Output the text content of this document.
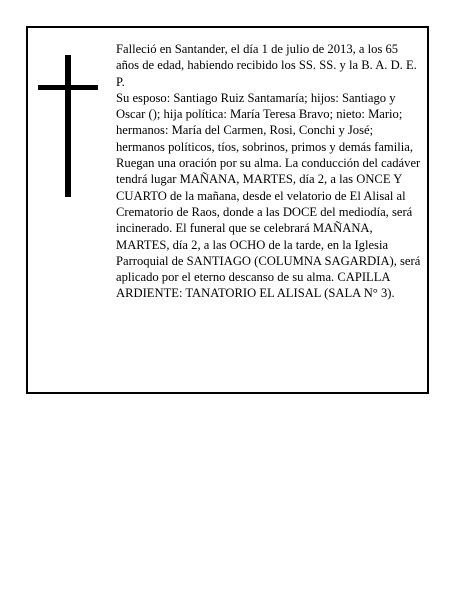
Falleció en Santander, el día 1 de julio de 2013, a los 65 años de edad, habiendo recibido los SS. SS. y la B. A. D. E. P.

Su esposo: Santiago Ruiz Santamaría; hijos: Santiago y Oscar (); hija política: María Teresa Bravo; nieto: Mario; hermanos: María del Carmen, Rosi, Conchi y José; hermanos políticos, tíos, sobrinos, primos y demás familia,

Ruegan una oración por su alma. La conducción del cadáver tendrá lugar MAÑANA, MARTES, día 2, a las ONCE Y CUARTO de la mañana, desde el velatorio de El Alisal al Crematorio de Raos, donde a las DOCE del mediodía, será incinerado. El funeral que se celebrará MAÑANA, MARTES, día 2, a las OCHO de la tarde, en la Iglesia Parroquial de SANTIAGO (COLUMNA SAGARDIA), será aplicado por el eterno descanso de su alma. CAPILLA ARDIENTE: TANATORIO EL ALISAL (SALA N° 3).
